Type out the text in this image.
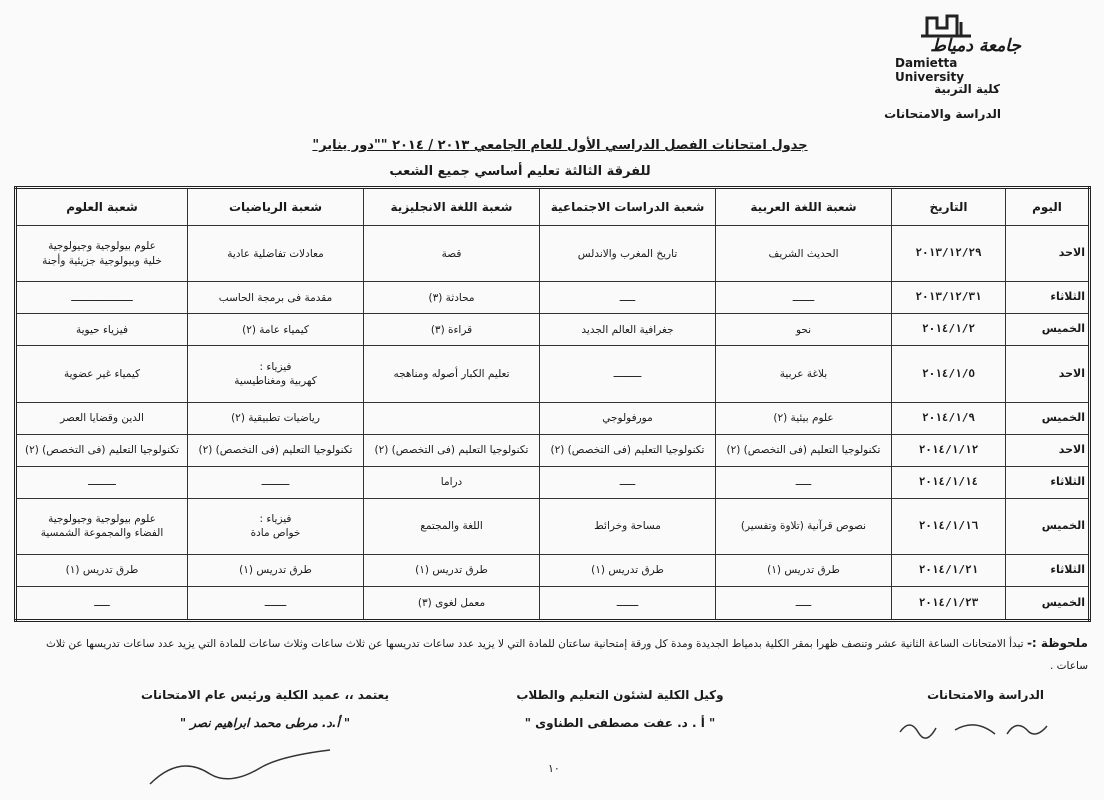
جامعة دمياط
Damietta University
كلية التربية
الدراسة والامتحانات
جدول امتحانات الفصل الدراسي الأول للعام الجامعي ٢٠١٣ / ٢٠١٤ ""دور يناير"
للفرقة الثالثة تعليم أساسي جميع الشعب
اليوم	التاريخ	شعبة اللغة العربية	شعبة الدراسات الاجتماعية	شعبة اللغة الانجليزية	شعبة الرياضيات	شعبة العلوم
الاحد	٢٠١٣/١٢/٢٩	الحديث الشريف	تاريخ المغرب والاندلس	قصة	معادلات تفاضلية عادية	علوم بيولوجية وجيولوجية
خلية وبيولوجية جزيئية وأجنة
الثلاثاء	٢٠١٣/١٢/٣١	ـــــــ	ـــــ	محادثة (٣)	مقدمة فى برمجة الحاسب	ــــــــــــــــــــ
الخميس	٢٠١٤/١/٢	نحو	جغرافية العالم الجديد	قراءة (٣)	كيمياء عامة (٢)	فيزياء حيوية
الاحد	٢٠١٤/١/٥	بلاغة عربية	ـــــــــ	تعليم الكبار أصوله ومناهجه	فيزياء :
كهربية ومغناطيسية	كيمياء غير عضوية
الخميس	٢٠١٤/١/٩	علوم بيئية (٢)	مورفولوجي		رياضيات تطبيقية (٢)	الدين وقضايا العصر
الاحد	٢٠١٤/١/١٢	تكنولوجيا التعليم (فى التخصص) (٢)	تكنولوجيا التعليم (فى التخصص) (٢)	تكنولوجيا التعليم (فى التخصص) (٢)	تكنولوجيا التعليم (فى التخصص) (٢)	تكنولوجيا التعليم (فى التخصص) (٢)
الثلاثاء	٢٠١٤/١/١٤	ـــــ	ـــــ	دراما	ـــــــــ	ـــــــــ
الخميس	٢٠١٤/١/١٦	نصوص قرآنية (تلاوة وتفسير)	مساحة وخرائط	اللغة والمجتمع	فيزياء :
خواص مادة	علوم بيولوجية وجيولوجية
الفضاء والمجموعة الشمسية
الثلاثاء	٢٠١٤/١/٢١	طرق تدريس (١)	طرق تدريس (١)	طرق تدريس (١)	طرق تدريس (١)	طرق تدريس (١)
الخميس	٢٠١٤/١/٢٣	ـــــ	ـــــــ	معمل لغوى (٣)	ـــــــ	ـــــ
ملحوظة :- تبدأ الامتحانات الساعة الثانية عشر وتنصف ظهرا بمقر الكلية بدمياط الجديدة ومدة كل ورقة إمتحانية ساعتان للمادة التي لا يزيد عدد ساعات تدريسها عن ثلاث ساعات وثلاث ساعات للمادة التي يزيد عدد ساعات تدريسها عن ثلاث ساعات .
الدراسة والامتحانات
وكيل الكلية لشئون التعليم والطلاب
" أ . د. عفت مصطفى الطناوى "
يعتمد ،، عميد الكلية ورئيس عام الامتحانات
" أ.د. مرطى محمد ابراهيم نصر "
١٠
